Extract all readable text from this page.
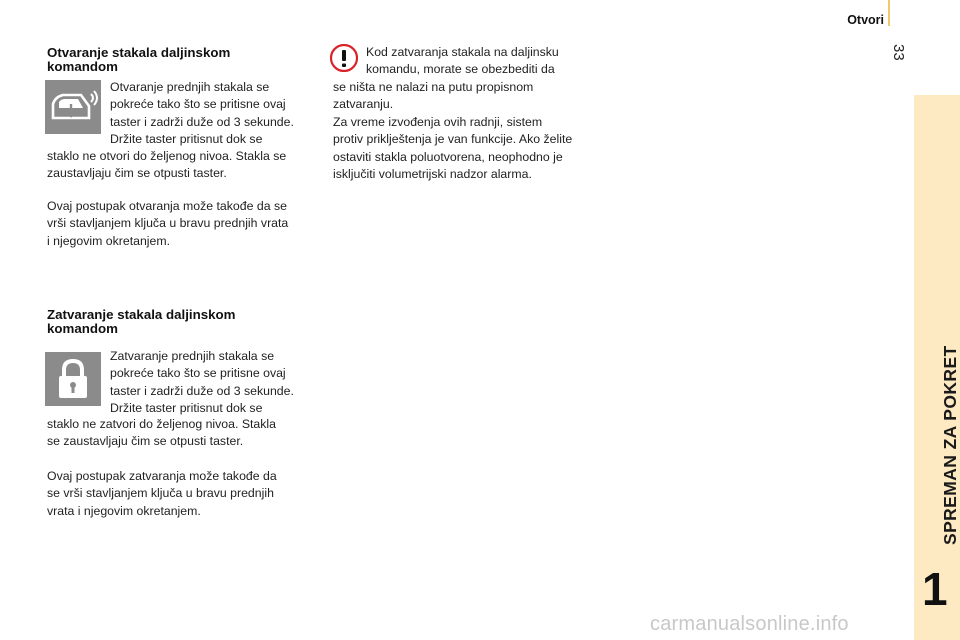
Otvori
33
SPREMAN ZA POKRET
1
Otvaranje stakala daljinskom
komandom
Otvaranje prednjih stakala se
pokreće tako što se pritisne ovaj
taster i zadrži duže od 3 sekunde.
Držite taster pritisnut dok se
staklo ne otvori do željenog nivoa. Stakla se
zaustavljaju čim se otpusti taster.
Ovaj postupak otvaranja može takođe da se
vrši stavljanjem ključa u bravu prednjih vrata
i njegovim okretanjem.
Zatvaranje stakala daljinskom
komandom
Zatvaranje prednjih stakala se
pokreće tako što se pritisne ovaj
taster i zadrži duže od 3 sekunde.
Držite taster pritisnut dok se
staklo ne zatvori do željenog nivoa. Stakla
se zaustavljaju čim se otpusti taster.
Ovaj postupak zatvaranja može takođe da
se vrši stavljanjem ključa u bravu prednjih
vrata i njegovim okretanjem.
Kod zatvaranja stakala na daljinsku
komandu, morate se obezbediti da
se ništa ne nalazi na putu propisnom
zatvaranju.
Za vreme izvođenja ovih radnji, sistem
protiv priklještenja je van funkcije. Ako želite
ostaviti stakla poluotvorena, neophodno je
isključiti volumetrijski nadzor alarma.
carmanualsonline.info
